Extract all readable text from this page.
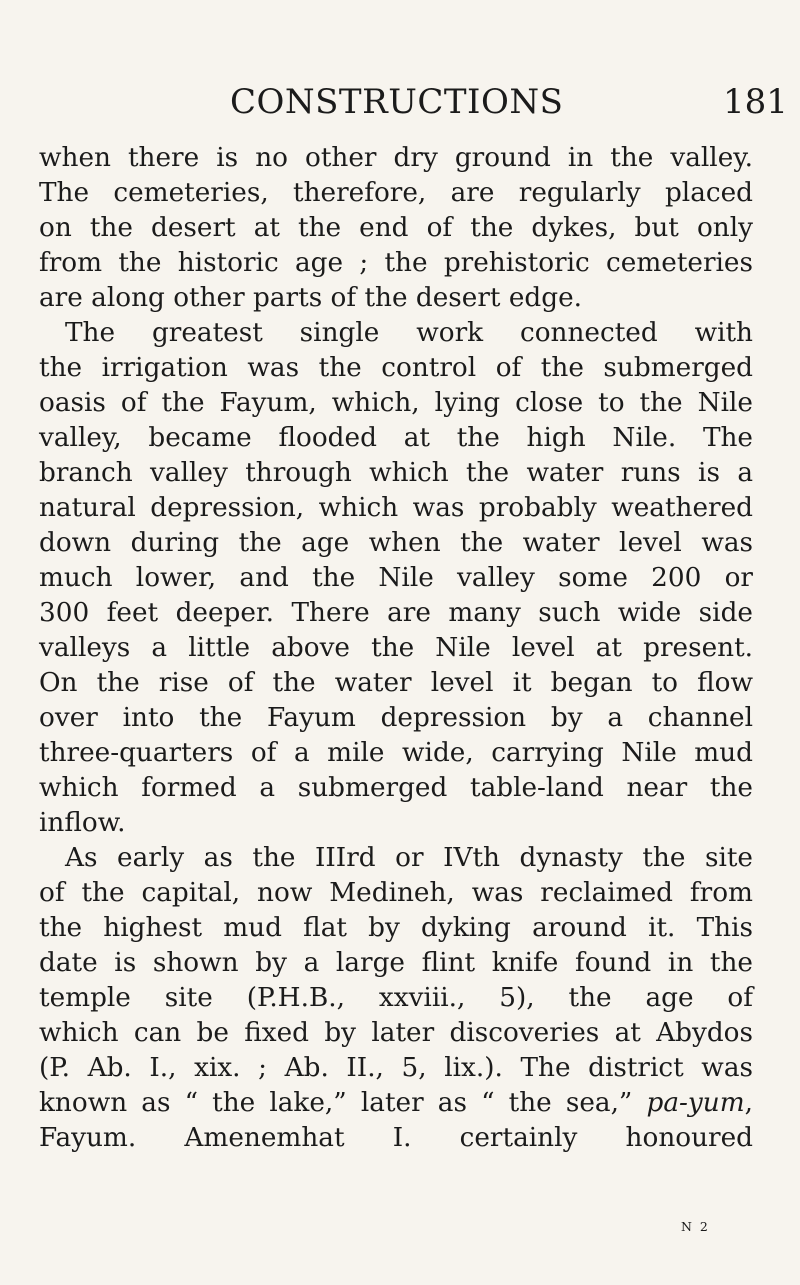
CONSTRUCTIONS	181
when there is no other dry ground in the valley.
The cemeteries, therefore, are regularly placed
on the desert at the end of the dykes, but only
from the historic age ; the prehistoric cemeteries
are along other parts of the desert edge.
The greatest single work connected with
the irrigation was the control of the submerged
oasis of the Fayum, which, lying close to the Nile
valley, became flooded at the high Nile. The
branch valley through which the water runs is a
natural depression, which was probably weathered
down during the age when the water level was
much lower, and the Nile valley some 200 or
300 feet deeper. There are many such wide side
valleys a little above the Nile level at present.
On the rise of the water level it began to flow
over into the Fayum depression by a channel
three-quarters of a mile wide, carrying Nile mud
which formed a submerged table-land near the
inflow.
As early as the IIIrd or IVth dynasty the site
of the capital, now Medineh, was reclaimed from
the highest mud flat by dyking around it. This
date is shown by a large flint knife found in the
temple site (P.H.B., xxviii., 5), the age of
which can be fixed by later discoveries at Abydos
(P. Ab. I., xix. ; Ab. II., 5, lix.). The district was
known as “ the lake,” later as “ the sea,” pa-yum,
Fayum. Amenemhat I. certainly honoured
N 2
